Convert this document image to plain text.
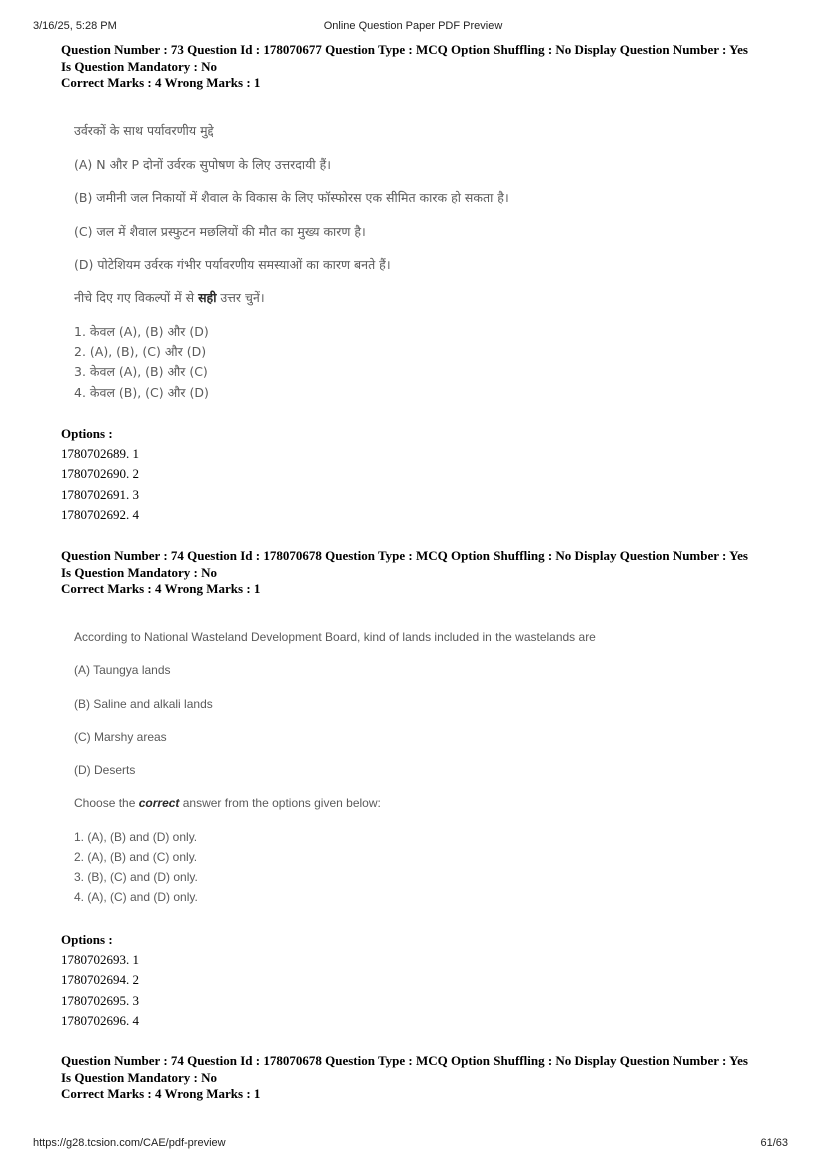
3/16/25, 5:28 PM	Online Question Paper PDF Preview
Question Number : 73 Question Id : 178070677 Question Type : MCQ Option Shuffling : No Display Question Number : Yes
Is Question Mandatory : No
Correct Marks : 4 Wrong Marks : 1
उर्वरकों के साथ पर्यावरणीय मुद्दे
(A) N और P दोनों उर्वरक सुपोषण के लिए उत्तरदायी हैं।
(B) जमीनी जल निकायों में शैवाल के विकास के लिए फॉस्फोरस एक सीमित कारक हो सकता है।
(C) जल में शैवाल प्रस्फुटन मछलियों की मौत का मुख्य कारण है।
(D) पोटेशियम उर्वरक गंभीर पर्यावरणीय समस्याओं का कारण बनते हैं।
नीचे दिए गए विकल्पों में से सही उत्तर चुनें।
1. केवल (A), (B) और (D)
2. (A), (B), (C) और (D)
3. केवल (A), (B) और (C)
4. केवल (B), (C) और (D)
Options :
1780702689. 1
1780702690. 2
1780702691. 3
1780702692. 4
Question Number : 74 Question Id : 178070678 Question Type : MCQ Option Shuffling : No Display Question Number : Yes
Is Question Mandatory : No
Correct Marks : 4 Wrong Marks : 1
According to National Wasteland Development Board, kind of lands included in the wastelands are
(A) Taungya lands
(B) Saline and alkali lands
(C) Marshy areas
(D) Deserts
Choose the correct answer from the options given below:
1. (A), (B) and (D) only.
2. (A), (B) and (C) only.
3. (B), (C) and (D) only.
4. (A), (C) and (D) only.
Options :
1780702693. 1
1780702694. 2
1780702695. 3
1780702696. 4
Question Number : 74 Question Id : 178070678 Question Type : MCQ Option Shuffling : No Display Question Number : Yes
Is Question Mandatory : No
Correct Marks : 4 Wrong Marks : 1
https://g28.tcsion.com/CAE/pdf-preview	61/63
